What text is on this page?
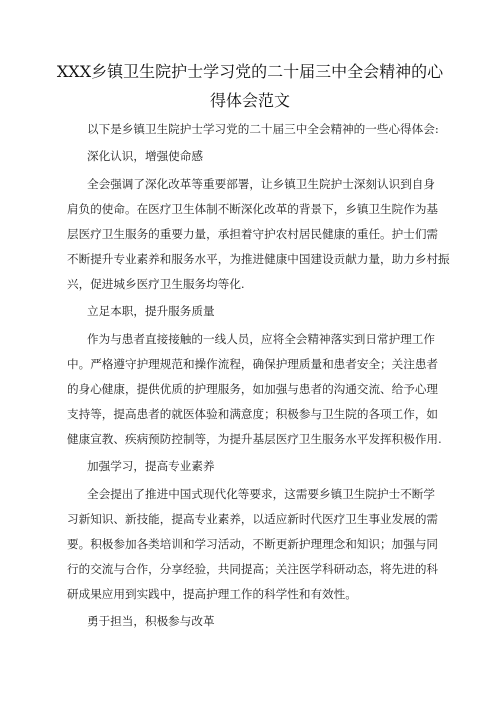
XXX乡镇卫生院护士学习党的二十届三中全会精神的心
得体会范文
以下是乡镇卫生院护士学习党的二十届三中全会精神的一些心得体会:
深化认识，增强使命感
全会强调了深化改革等重要部署，让乡镇卫生院护士深刻认识到自身
肩负的使命。在医疗卫生体制不断深化改革的背景下，乡镇卫生院作为基
层医疗卫生服务的重要力量，承担着守护农村居民健康的重任。护士们需
不断提升专业素养和服务水平，为推进健康中国建设贡献力量，助力乡村振
兴，促进城乡医疗卫生服务均等化.
立足本职，提升服务质量
作为与患者直接接触的一线人员，应将全会精神落实到日常护理工作
中。严格遵守护理规范和操作流程，确保护理质量和患者安全；关注患者
的身心健康，提供优质的护理服务，如加强与患者的沟通交流、给予心理
支持等，提高患者的就医体验和满意度；积极参与卫生院的各项工作，如
健康宣教、疾病预防控制等，为提升基层医疗卫生服务水平发挥积极作用.
加强学习，提高专业素养
全会提出了推进中国式现代化等要求，这需要乡镇卫生院护士不断学
习新知识、新技能，提高专业素养，以适应新时代医疗卫生事业发展的需
要。积极参加各类培训和学习活动，不断更新护理理念和知识；加强与同
行的交流与合作，分享经验，共同提高；关注医学科研动态，将先进的科
研成果应用到实践中，提高护理工作的科学性和有效性。
勇于担当，积极参与改革
